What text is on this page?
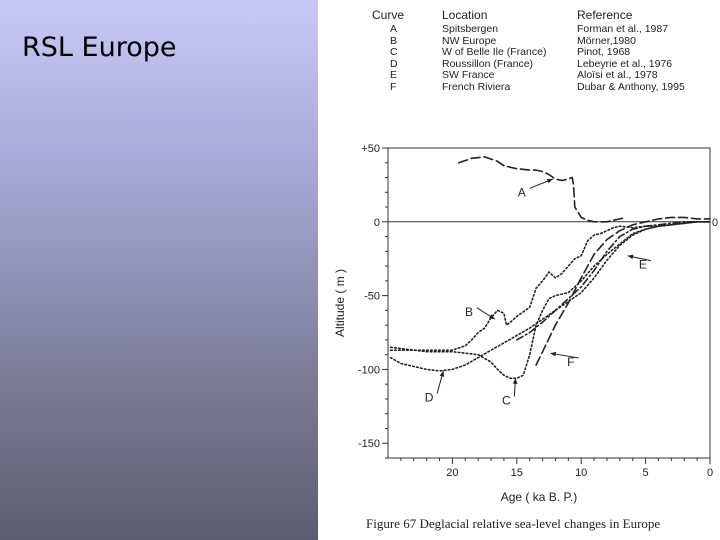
RSL Europe
Curve	Location	Reference
A	Spitsbergen	Forman et al., 1987
B	NW Europe	Mörner,1980
C	W of Belle Ile (France)	Pinot, 1968
D	Roussillon (France)	Lebeyrie et al., 1976
E	SW France	Aloïsi et al., 1978
F	French Riviera	Dubar & Anthony, 1995
+50
0
-50
-100
-150
20	15	10	5	0
Age ( ka B. P.)
Altitude ( m )
0
A
B
C
D
E
F

Figure 67 Deglacial relative sea-level changes in Europe
